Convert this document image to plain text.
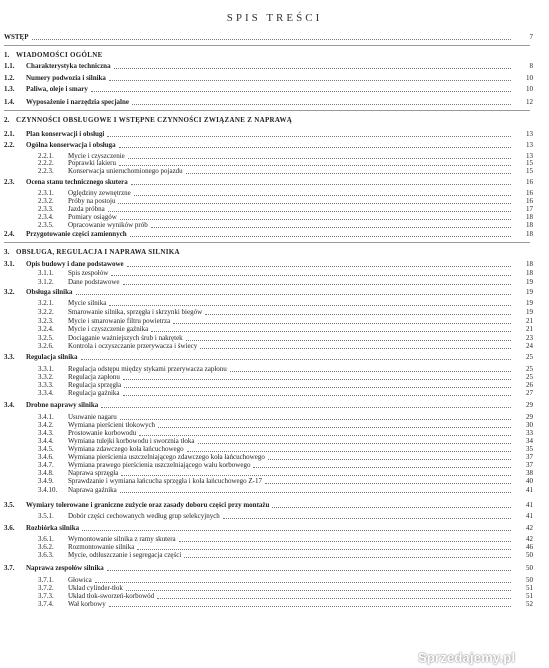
SPIS TREŚCI
WSTĘP	7
1. WIADOMOŚCI OGÓLNE
1.1. Charakterystyka techniczna	8
1.2. Numery podwozia i silnika	10
1.3. Paliwa, oleje i smary	10
1.4. Wyposażenie i narzędzia specjalne	12
2. CZYNNOŚCI OBSŁUGOWE I WSTĘPNE CZYNNOŚCI ZWIĄZANE Z NAPRAWĄ
2.1. Plan konserwacji i obsługi	13
2.2. Ogólna konserwacja i obsługa	13
2.2.1. Mycie i czyszczenie	13
2.2.2. Poprawki lakieru	15
2.2.3. Konserwacja unieruchomionego pojazdu	15
2.3. Ocena stanu technicznego skutera	16
2.3.1. Oględziny zewnętrzne	16
2.3.2. Próby na postoju	16
2.3.3. Jazda próbna	17
2.3.4. Pomiary osiągów	18
2.3.5. Opracowanie wyników prób	18
2.4. Przygotowanie części zamiennych	18
3. OBSŁUGA, REGULACJA I NAPRAWA SILNIKA
3.1. Opis budowy i dane podstawowe	18
3.1.1. Spis zespołów	18
3.1.2. Dane podstawowe	19
3.2. Obsługa silnika	19
3.2.1. Mycie silnika	19
3.2.2. Smarowanie silnika, sprzęgła i skrzynki biegów	19
3.2.3. Mycie i smarowanie filtru powietrza	21
3.2.4. Mycie i czyszczenie gaźnika	21
3.2.5. Dociąganie ważniejszych śrub i nakrętek	23
3.2.6. Kontrola i oczyszczanie przerywacza i świecy	24
3.3. Regulacja silnika	25
3.3.1. Regulacja odstępu między stykami przerywacza zapłonu	25
3.3.2. Regulacja zapłonu	25
3.3.3. Regulacja sprzęgła	26
3.3.4. Regulacja gaźnika	27
3.4. Drobne naprawy silnika	29
3.4.1. Usuwanie nagaru	29
3.4.2. Wymiana pierścieni tłokowych	30
3.4.3. Prostowanie korbowodu	33
3.4.4. Wymiana tulejki korbowodu i sworznia tłoka	34
3.4.5. Wymiana zdawczego koła łańcuchowego	35
3.4.6. Wymiana pierścienia uszczelniającego zdawczego koła łańcuchowego	37
3.4.7. Wymiana prawego pierścienia uszczelniającego wału korbowego	37
3.4.8. Naprawa sprzęgła	38
3.4.9. Sprawdzanie i wymiana łańcucha sprzęgła i koła łańcuchowego Z-17	40
3.4.10. Naprawa gaźnika	41
3.5. Wymiary tolerowane i graniczne zużycie oraz zasady doboru części przy montażu	41
3.5.1. Dobór części cechowanych według grup selekcyjnych	41
3.6. Rozbiórka silnika	42
3.6.1. Wymontowanie silnika z ramy skutera	42
3.6.2. Rozmontowanie silnika	46
3.6.3. Mycie, odtłuszczanie i segregacja części	50
3.7. Naprawa zespołów silnika	50
3.7.1. Głowica	50
3.7.2. Układ cylinder-tłok	51
3.7.3. Układ tłok-sworzeń-korbowód	51
3.7.4. Wał korbowy	52
Sprzedajemy.pl
